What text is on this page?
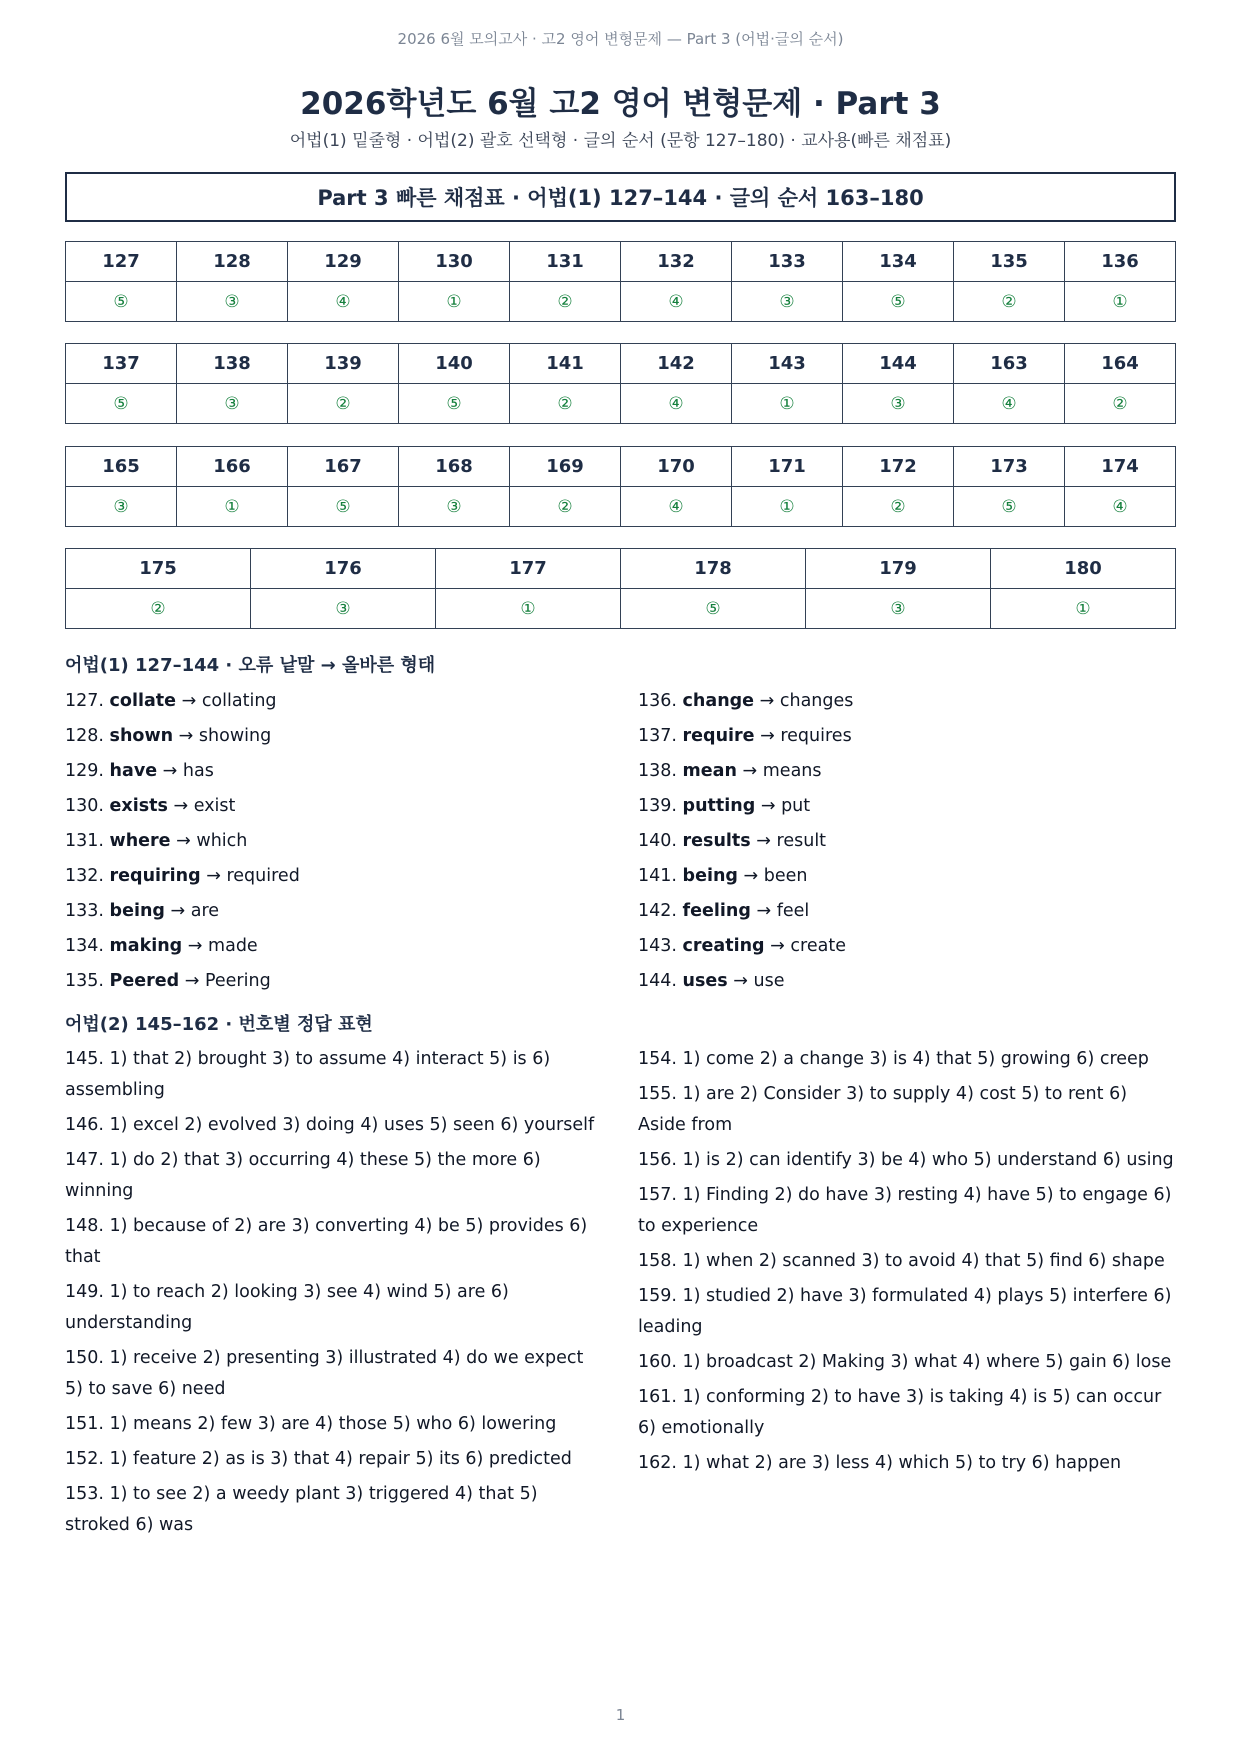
2026 6월 모의고사 · 고2 영어 변형문제 — Part 3 (어법·글의 순서)
2026학년도 6월 고2 영어 변형문제 · Part 3
어법(1) 밑줄형 · 어법(2) 괄호 선택형 · 글의 순서 (문항 127–180) · 교사용(빠른 채점표)
Part 3 빠른 채점표 · 어법(1) 127–144 · 글의 순서 163–180
127	128	129	130	131	132	133	134	135	136
⑤	③	④	①	②	④	③	⑤	②	①
137	138	139	140	141	142	143	144	163	164
⑤	③	②	⑤	②	④	①	③	④	②
165	166	167	168	169	170	171	172	173	174
③	①	⑤	③	②	④	①	②	⑤	④
175	176	177	178	179	180
②	③	①	⑤	③	①
어법(1) 127–144 · 오류 낱말 → 올바른 형태
127. collate → collating
128. shown → showing
129. have → has
130. exists → exist
131. where → which
132. requiring → required
133. being → are
134. making → made
135. Peered → Peering
136. change → changes
137. require → requires
138. mean → means
139. putting → put
140. results → result
141. being → been
142. feeling → feel
143. creating → create
144. uses → use
어법(2) 145–162 · 번호별 정답 표현
145. 1) that 2) brought 3) to assume 4) interact 5) is 6) assembling
146. 1) excel 2) evolved 3) doing 4) uses 5) seen 6) yourself
147. 1) do 2) that 3) occurring 4) these 5) the more 6) winning
148. 1) because of 2) are 3) converting 4) be 5) provides 6) that
149. 1) to reach 2) looking 3) see 4) wind 5) are 6) understanding
150. 1) receive 2) presenting 3) illustrated 4) do we expect 5) to save 6) need
151. 1) means 2) few 3) are 4) those 5) who 6) lowering
152. 1) feature 2) as is 3) that 4) repair 5) its 6) predicted
153. 1) to see 2) a weedy plant 3) triggered 4) that 5) stroked 6) was
154. 1) come 2) a change 3) is 4) that 5) growing 6) creep
155. 1) are 2) Consider 3) to supply 4) cost 5) to rent 6) Aside from
156. 1) is 2) can identify 3) be 4) who 5) understand 6) using
157. 1) Finding 2) do have 3) resting 4) have 5) to engage 6) to experience
158. 1) when 2) scanned 3) to avoid 4) that 5) find 6) shape
159. 1) studied 2) have 3) formulated 4) plays 5) interfere 6) leading
160. 1) broadcast 2) Making 3) what 4) where 5) gain 6) lose
161. 1) conforming 2) to have 3) is taking 4) is 5) can occur 6) emotionally
162. 1) what 2) are 3) less 4) which 5) to try 6) happen
1
